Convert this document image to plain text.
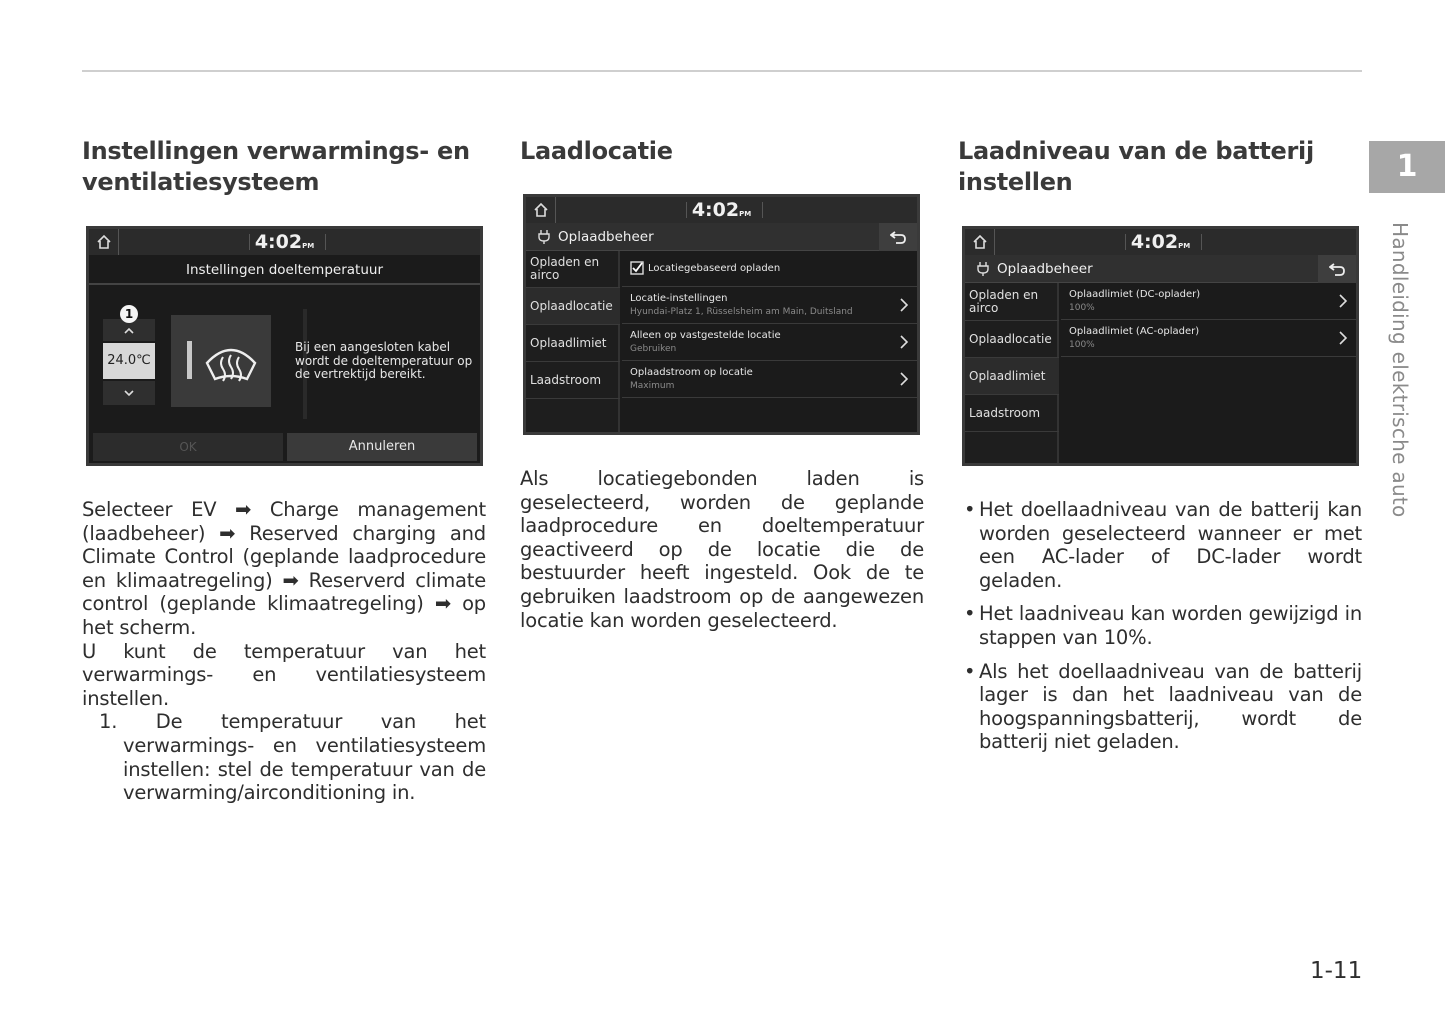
Instellingen verwarmings- en ventilatiesysteem
4:02PM
Instellingen doeltemperatuur
1
24.0℃
Bij een aangesloten kabel wordt de doeltemperatuur op de vertrektijd bereikt.
OK	Annuleren

Selecteer EV ➡ Charge management (laadbeheer) ➡ Reserved charging and Climate Control (geplande laadprocedure en klimaatregeling) ➡ Reserverd climate control (geplande klimaatregeling) ➡ op het scherm.

U kunt de temperatuur van het verwarmings- en ventilatiesysteem instellen.

1. De temperatuur van het verwarmings- en ventilatiesysteem instellen: stel de temperatuur van de verwarming/airconditioning in.

Laadlocatie
4:02PM
Oplaadbeheer
Opladen en airco
Oplaadlocatie
Oplaadlimiet
Laadstroom
Locatiegebaseerd opladen
Locatie-instellingen
Hyundai-Platz 1, Rüsselsheim am Main, Duitsland
Alleen op vastgestelde locatie
Gebruiken
Oplaadstroom op locatie
Maximum

Als locatiegebonden laden is geselecteerd, worden de geplande laadprocedure en doeltemperatuur geactiveerd op de locatie die de bestuurder heeft ingesteld. Ook de te gebruiken laadstroom op de aangewezen locatie kan worden geselecteerd.

Laadniveau van de batterij instellen
4:02PM
Oplaadbeheer
Opladen en airco
Oplaadlocatie
Oplaadlimiet
Laadstroom
Oplaadlimiet (DC-oplader)
100%
Oplaadlimiet (AC-oplader)
100%
• Het doellaadniveau van de batterij kan worden geselecteerd wanneer er met een AC-lader of DC-lader wordt geladen.
• Het laadniveau kan worden gewijzigd in stappen van 10%.
• Als het doellaadniveau van de batterij lager is dan het laadniveau van de hoogspanningsbatterij, wordt de batterij niet geladen.
1
Handleiding elektrische auto
1-11
